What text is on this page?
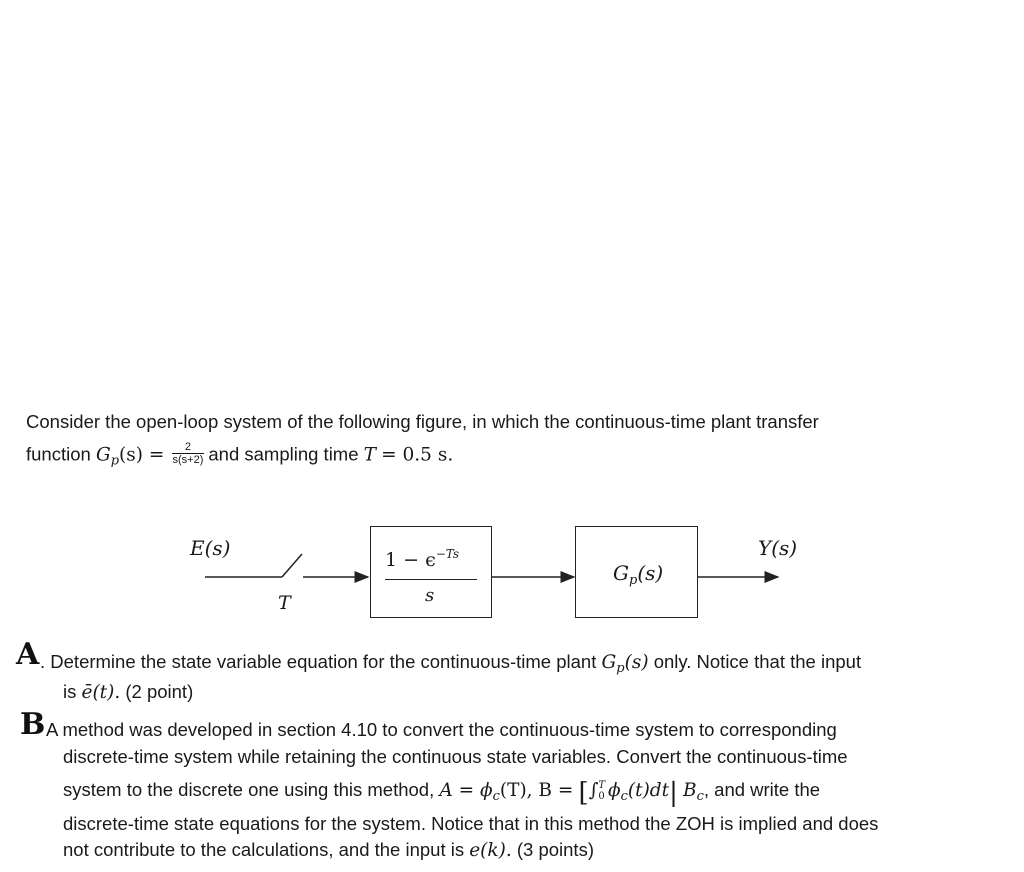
Consider the open-loop system of the following figure, in which the continuous-time plant transfer
function $G_p(s) = \frac{2}{s(s+2)}$ and sampling time T = 0.5 s.
E(s)
T
$1 - \epsilon^{-Ts}$
s
$G_p(s)$
Y(s)
A . Determine the state variable equation for the continuous-time plant $G_p(s)$ only. Notice that the input
is ē(t). (2 point)
B A method was developed in section 4.10 to convert the continuous-time system to corresponding
discrete-time system while retaining the continuous state variables. Convert the continuous-time
system to the discrete one using this method, $A = \phi_c(T)$, B = [∫ T
0 $\phi_c(t)dt|$ $B_c$, and write the
discrete-time state equations for the system. Notice that in this method the ZOH is implied and does
not contribute to the calculations, and the input is e(k). (3 points)
